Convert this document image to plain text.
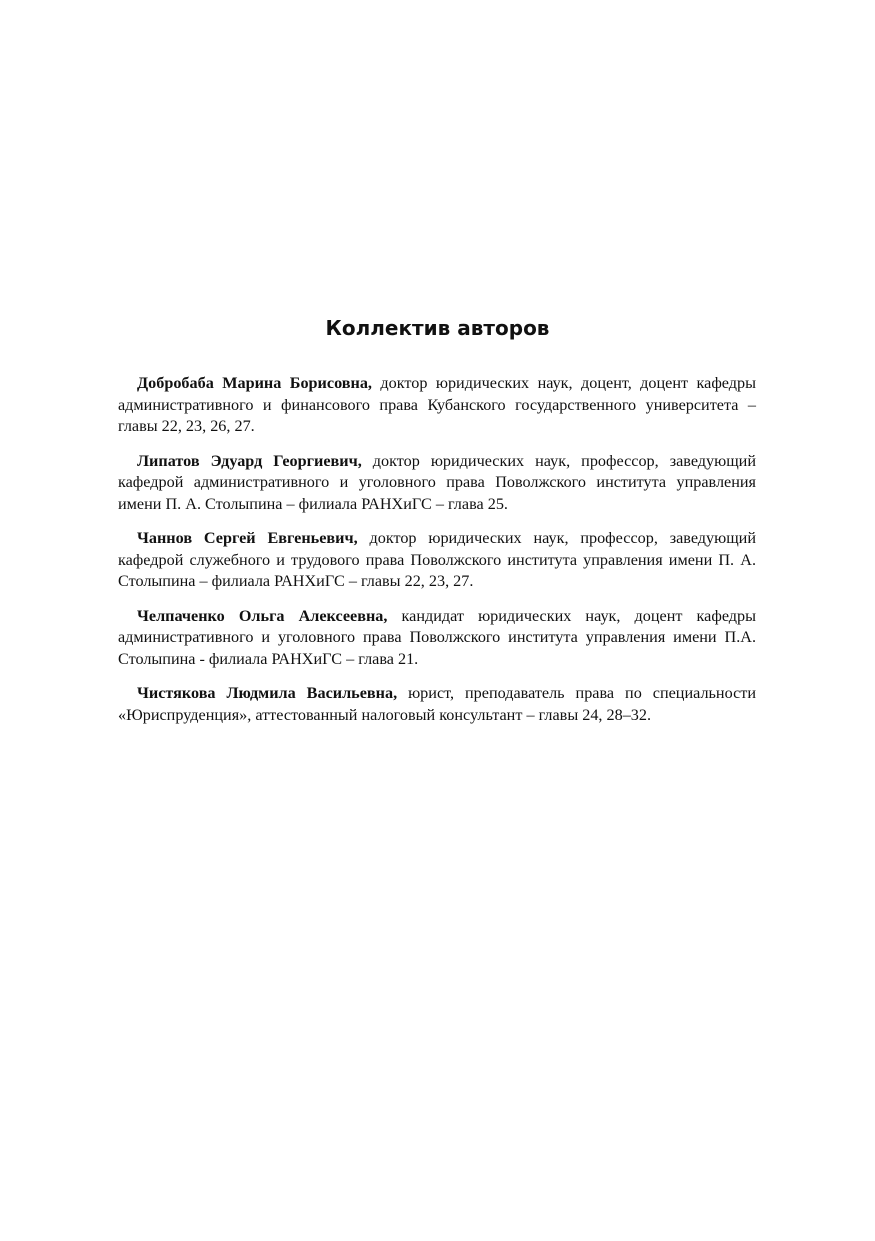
Коллектив авторов

Добробаба Марина Борисовна, доктор юридических наук, доцент, доцент кафедры административного и финансового права Кубанского государственного университета – главы 22, 23, 26, 27.

Липатов Эдуард Георгиевич, доктор юридических наук, профессор, заведующий кафедрой административного и уголовного права Поволжского института управления имени П. А. Столыпина – филиала РАНХиГС – глава 25.

Чаннов Сергей Евгеньевич, доктор юридических наук, профессор, заведующий кафедрой служебного и трудового права Поволжского института управления имени П. А. Столыпина – филиала РАНХиГС – главы 22, 23, 27.

Челпаченко Ольга Алексеевна, кандидат юридических наук, доцент кафедры административного и уголовного права Поволжского института управления имени П.А. Столыпина - филиала РАНХиГС – глава 21.

Чистякова Людмила Васильевна, юрист, преподаватель права по специальности «Юриспруденция», аттестованный налоговый консультант – главы 24, 28–32.
